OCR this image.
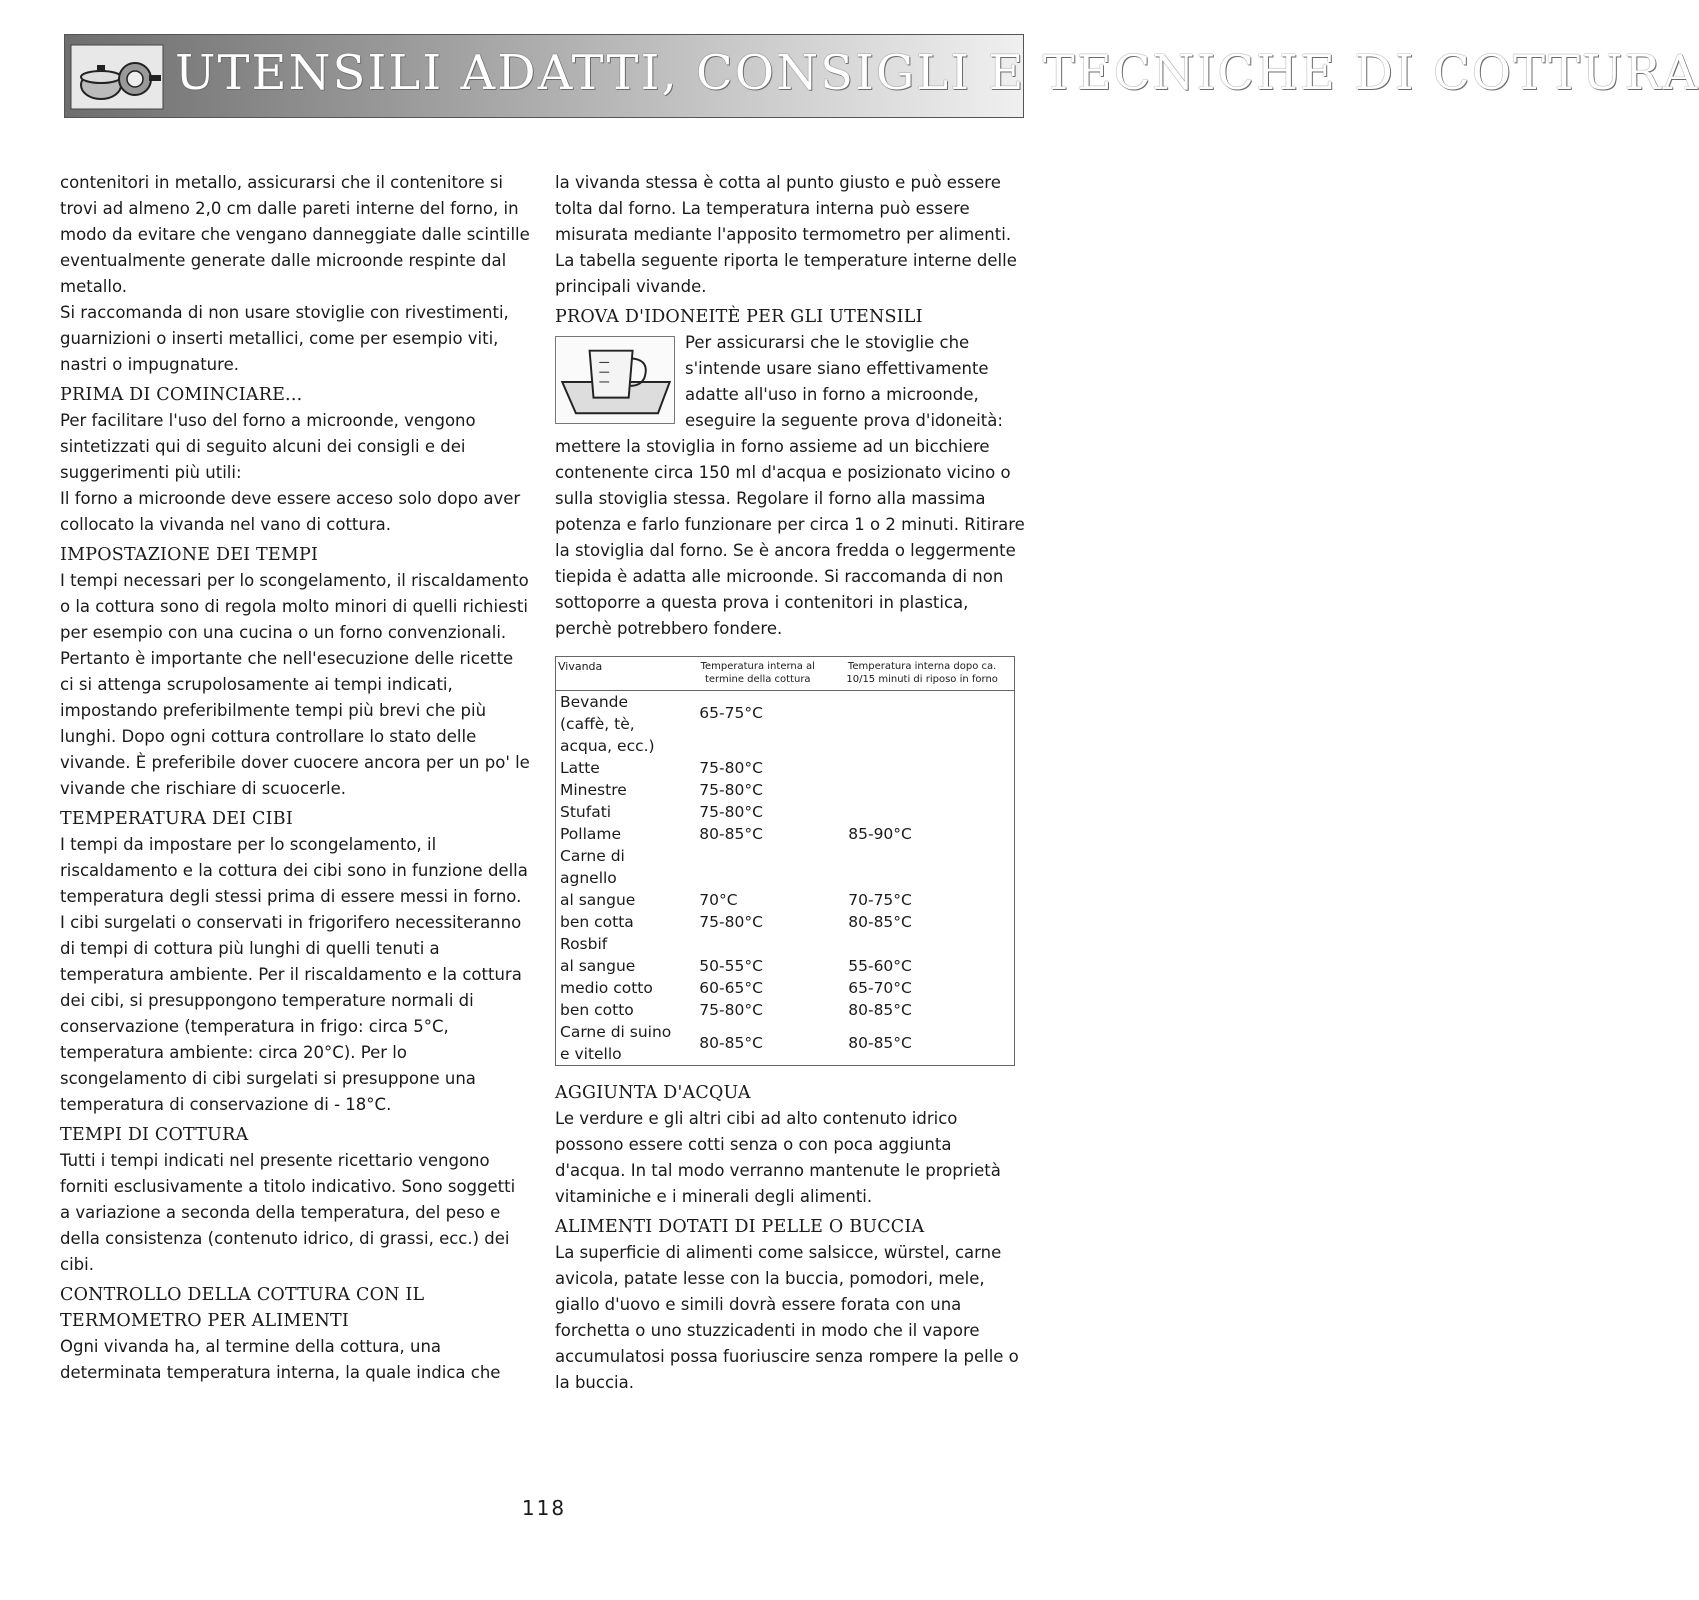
UTENSILI ADATTI, CONSIGLI E TECNICHE DI COTTURA

contenitori in metallo, assicurarsi che il contenitore si trovi ad almeno 2,0 cm dalle pareti interne del forno, in modo da evitare che vengano danneggiate dalle scintille eventualmente generate dalle microonde respinte dal metallo.

Si raccomanda di non usare stoviglie con rivestimenti, guarnizioni o inserti metallici, come per esempio viti, nastri o impugnature.

PRIMA DI COMINCIARE...

Per facilitare l'uso del forno a microonde, vengono sintetizzati qui di seguito alcuni dei consigli e dei suggerimenti più utili:

Il forno a microonde deve essere acceso solo dopo aver collocato la vivanda nel vano di cottura.

IMPOSTAZIONE DEI TEMPI

I tempi necessari per lo scongelamento, il riscaldamento o la cottura sono di regola molto minori di quelli richiesti per esempio con una cucina o un forno convenzionali. Pertanto è importante che nell'esecuzione delle ricette ci si attenga scrupolosamente ai tempi indicati, impostando preferibilmente tempi più brevi che più lunghi. Dopo ogni cottura controllare lo stato delle vivande. È preferibile dover cuocere ancora per un po' le vivande che rischiare di scuocerle.

TEMPERATURA DEI CIBI

I tempi da impostare per lo scongelamento, il riscaldamento e la cottura dei cibi sono in funzione della temperatura degli stessi prima di essere messi in forno. I cibi surgelati o conservati in frigorifero necessiteranno di tempi di cottura più lunghi di quelli tenuti a temperatura ambiente. Per il riscaldamento e la cottura dei cibi, si presuppongono temperature normali di conservazione (temperatura in frigo: circa 5°C, temperatura ambiente: circa 20°C). Per lo scongelamento di cibi surgelati si presuppone una temperatura di conservazione di - 18°C.

TEMPI DI COTTURA

Tutti i tempi indicati nel presente ricettario vengono forniti esclusivamente a titolo indicativo. Sono soggetti a variazione a seconda della temperatura, del peso e della consistenza (contenuto idrico, di grassi, ecc.) dei cibi.

CONTROLLO DELLA COTTURA CON IL TERMOMETRO PER ALIMENTI

Ogni vivanda ha, al termine della cottura, una determinata temperatura interna, la quale indica che

la vivanda stessa è cotta al punto giusto e può essere tolta dal forno. La temperatura interna può essere misurata mediante l'apposito termometro per alimenti. La tabella seguente riporta le temperature interne delle principali vivande.

PROVA D'IDONEITÈ PER GLI UTENSILI

Per assicurarsi che le stoviglie che s'intende usare siano effettivamente adatte all'uso in forno a microonde, eseguire la seguente prova d'idoneità: mettere la stoviglia in forno assieme ad un bicchiere contenente circa 150 ml d'acqua e posizionato vicino o sulla stoviglia stessa. Regolare il forno alla massima potenza e farlo funzionare per circa 1 o 2 minuti. Ritirare la stoviglia dal forno. Se è ancora fredda o leggermente tiepida è adatta alle microonde. Si raccomanda di non sottoporre a questa prova i contenitori in plastica, perchè potrebbero fondere.

Vivanda	Temperatura interna al termine della cottura	Temperatura interna dopo ca. 10/15 minuti di riposo in forno
Bevande (caffè, tè,	65-75°C	
acqua, ecc.)		
Latte	75-80°C	
Minestre	75-80°C	
Stufati	75-80°C	
Pollame	80-85°C	85-90°C
Carne di agnello		
al sangue	70°C	70-75°C
ben cotta	75-80°C	80-85°C
Rosbif		
al sangue	50-55°C	55-60°C
medio cotto	60-65°C	65-70°C
ben cotto	75-80°C	80-85°C
Carne di suino e vitello	80-85°C	80-85°C
AGGIUNTA D'ACQUA

Le verdure e gli altri cibi ad alto contenuto idrico possono essere cotti senza o con poca aggiunta d'acqua. In tal modo verranno mantenute le proprietà vitaminiche e i minerali degli alimenti.

ALIMENTI DOTATI DI PELLE O BUCCIA

La superficie di alimenti come salsicce, würstel, carne avicola, patate lesse con la buccia, pomodori, mele, giallo d'uovo e simili dovrà essere forata con una forchetta o uno stuzzicadenti in modo che il vapore accumulatosi possa fuoriuscire senza rompere la pelle o la buccia.

118
